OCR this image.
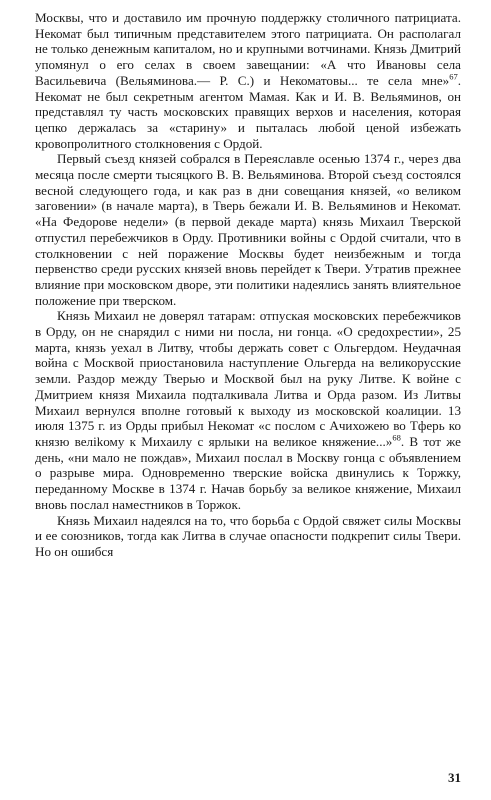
Москвы, что и доставило им прочную поддержку столичного патрициата. Некомат был типичным представителем этого патрициата. Он располагал не только денежным капиталом, но и крупными вотчинами. Князь Дмитрий упомянул о его селах в своем завещании: «А что Ивановы села Васильевича (Вельяминова.— Р. С.) и Некоматовы... те села мне»$^{67}$. Некомат не был секретным агентом Мамая. Как и И. В. Вельяминов, он представлял ту часть московских правящих верхов и населения, которая цепко держалась за «старину» и пыталась любой ценой избежать кровопролитного столкновения с Ордой.

Первый съезд князей собрался в Переяславле осенью 1374 г., через два месяца после смерти тысяцкого В. В. Вельяминова. Второй съезд состоялся весной следующего года, и как раз в дни совещания князей, «о великом заговении» (в начале марта), в Тверь бежали И. В. Вельяминов и Некомат. «На Федорове недели» (в первой декаде марта) князь Михаил Тверской отпустил перебежчиков в Орду. Противники войны с Ордой считали, что в столкновении с ней поражение Москвы будет неизбежным и тогда первенство среди русских князей вновь перейдет к Твери. Утратив прежнее влияние при московском дворе, эти политики надеялись занять влиятельное положение при тверском.

Князь Михаил не доверял татарам: отпуская московских перебежчиков в Орду, он не снарядил с ними ни посла, ни гонца. «О средохрестии», 25 марта, князь уехал в Литву, чтобы держать совет с Ольгердом. Неудачная война с Москвой приостановила наступление Ольгерда на великорусские земли. Раздор между Тверью и Москвой был на руку Литве. К войне с Дмитрием князя Михаила подталкивала Литва и Орда разом. Из Литвы Михаил вернулся вполне готовый к выходу из московской коалиции. 13 июля 1375 г. из Орды прибыл Некомат «с послом с Ачихожею во Тферь ко князю велikому к Михаилу с ярлыки на великое княжение...»$^{68}$. В тот же день, «ни мало не пождав», Михаил послал в Москву гонца с объявлением о разрыве мира. Одновременно тверские войска двинулись к Торжку, переданному Москве в 1374 г. Начав борьбу за великое княжение, Михаил вновь послал наместников в Торжок.

Князь Михаил надеялся на то, что борьба с Ордой свяжет силы Москвы и ее союзников, тогда как Литва в случае опасности подкрепит силы Твери. Но он ошибся

31
